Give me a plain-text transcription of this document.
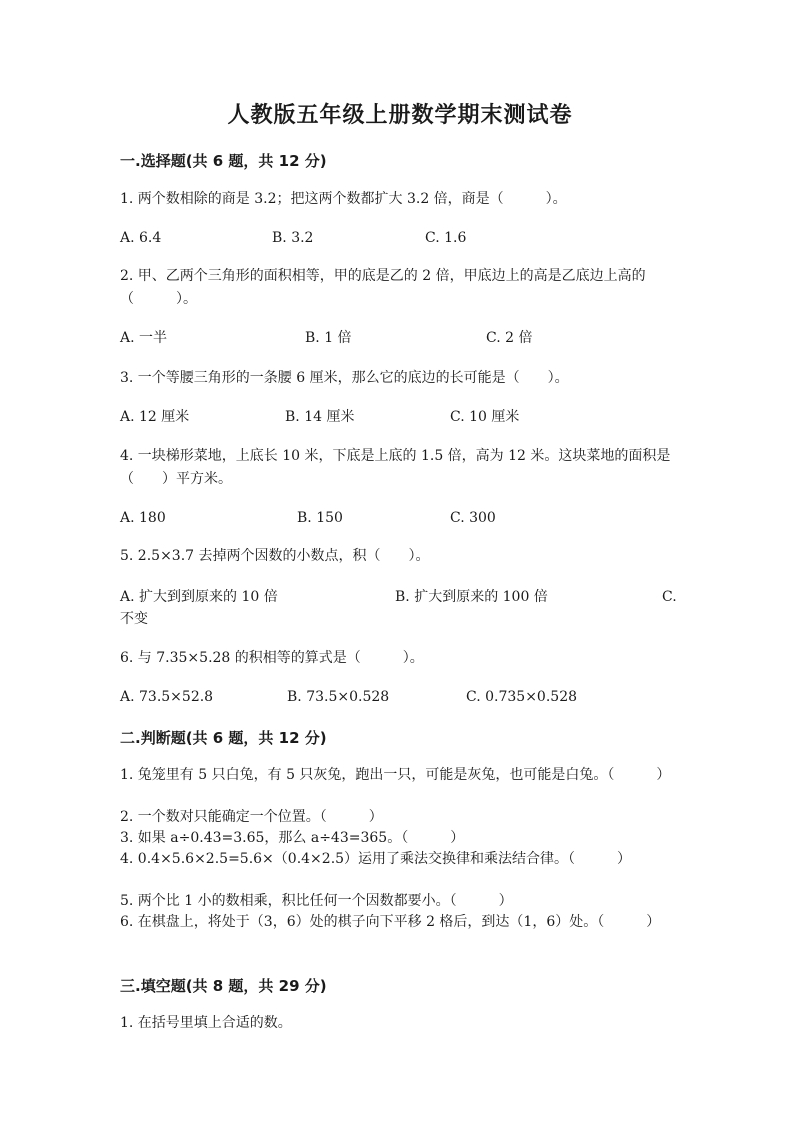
人教版五年级上册数学期末测试卷
一.选择题(共 6 题，共 12 分)
1. 两个数相除的商是 3.2；把这两个数都扩大 3.2 倍，商是（　　　）。
A. 6.4	B. 3.2	C. 1.6
2. 甲、乙两个三角形的面积相等，甲的底是乙的 2 倍，甲底边上的高是乙底边上高的（　　　）。
A. 一半	B. 1 倍	C. 2 倍
3. 一个等腰三角形的一条腰 6 厘米，那么它的底边的长可能是（　　）。
A. 12 厘米	B. 14 厘米	C. 10 厘米
4. 一块梯形菜地，上底长 10 米，下底是上底的 1.5 倍，高为 12 米。这块菜地的面积是（　　）平方米。
A. 180	B. 150	C. 300
5. 2.5×3.7 去掉两个因数的小数点，积（　　）。
A. 扩大到到原来的 10 倍	B. 扩大到原来的 100 倍	C.
不变
6. 与 7.35×5.28 的积相等的算式是（　　　）。
A. 73.5×52.8	B. 73.5×0.528	C. 0.735×0.528
二.判断题(共 6 题，共 12 分)
1. 兔笼里有 5 只白兔，有 5 只灰兔，跑出一只，可能是灰兔，也可能是白兔。（　　　）
2. 一个数对只能确定一个位置。（　　　）
3. 如果 a÷0.43=3.65，那么 a÷43=365。（　　　）
4. 0.4×5.6×2.5=5.6×（0.4×2.5）运用了乘法交换律和乘法结合律。（　　　）
5. 两个比 1 小的数相乘，积比任何一个因数都要小。（　　　）
6. 在棋盘上，将处于（3，6）处的棋子向下平移 2 格后，到达（1，6）处。（　　　）
三.填空题(共 8 题，共 29 分)
1. 在括号里填上合适的数。
